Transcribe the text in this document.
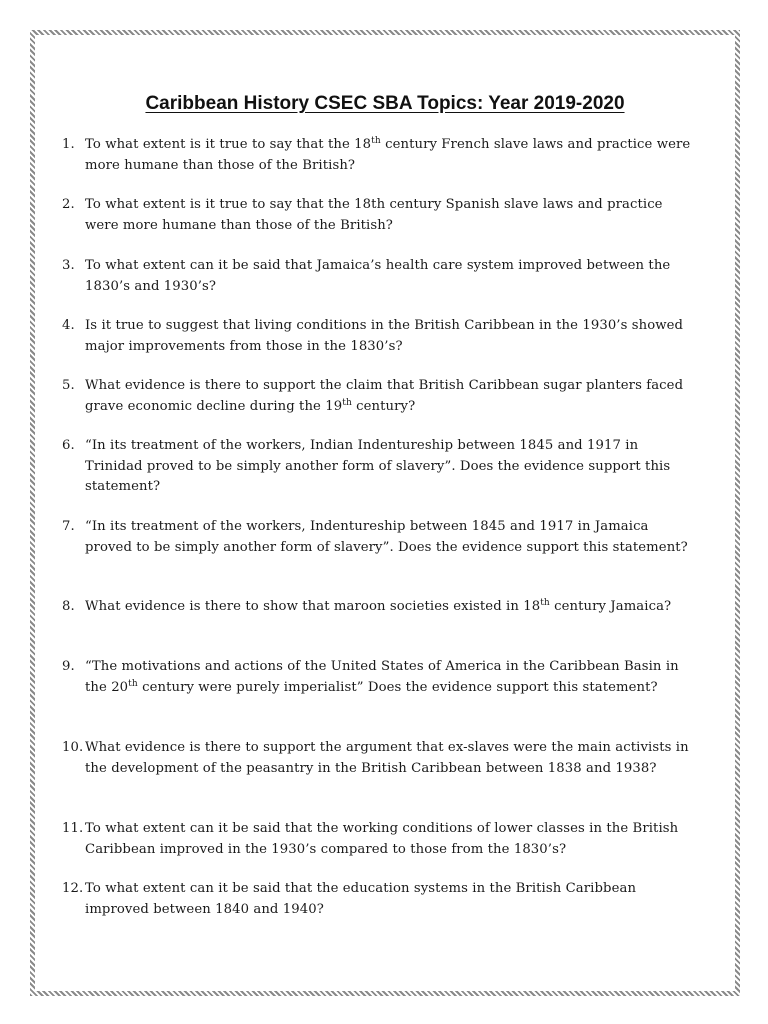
Caribbean History CSEC SBA Topics: Year 2019-2020
1. To what extent is it true to say that the 18th century French slave laws and practice were more humane than those of the British?
2. To what extent is it true to say that the 18th century Spanish slave laws and practice were more humane than those of the British?
3. To what extent can it be said that Jamaica’s health care system improved between the 1830’s and 1930’s?
4. Is it true to suggest that living conditions in the British Caribbean in the 1930’s showed major improvements from those in the 1830’s?
5. What evidence is there to support the claim that British Caribbean sugar planters faced grave economic decline during the 19th century?
6. “In its treatment of the workers, Indian Indentureship between 1845 and 1917 in Trinidad proved to be simply another form of slavery”. Does the evidence support this statement?
7. “In its treatment of the workers, Indentureship between 1845 and 1917 in Jamaica proved to be simply another form of slavery”. Does the evidence support this statement?
8. What evidence is there to show that maroon societies existed in 18th century Jamaica?
9. “The motivations and actions of the United States of America in the Caribbean Basin in the 20th century were purely imperialist” Does the evidence support this statement?
10. What evidence is there to support the argument that ex-slaves were the main activists in the development of the peasantry in the British Caribbean between 1838 and 1938?
11. To what extent can it be said that the working conditions of lower classes in the British Caribbean improved in the 1930’s compared to those from the 1830’s?
12. To what extent can it be said that the education systems in the British Caribbean improved between 1840 and 1940?
